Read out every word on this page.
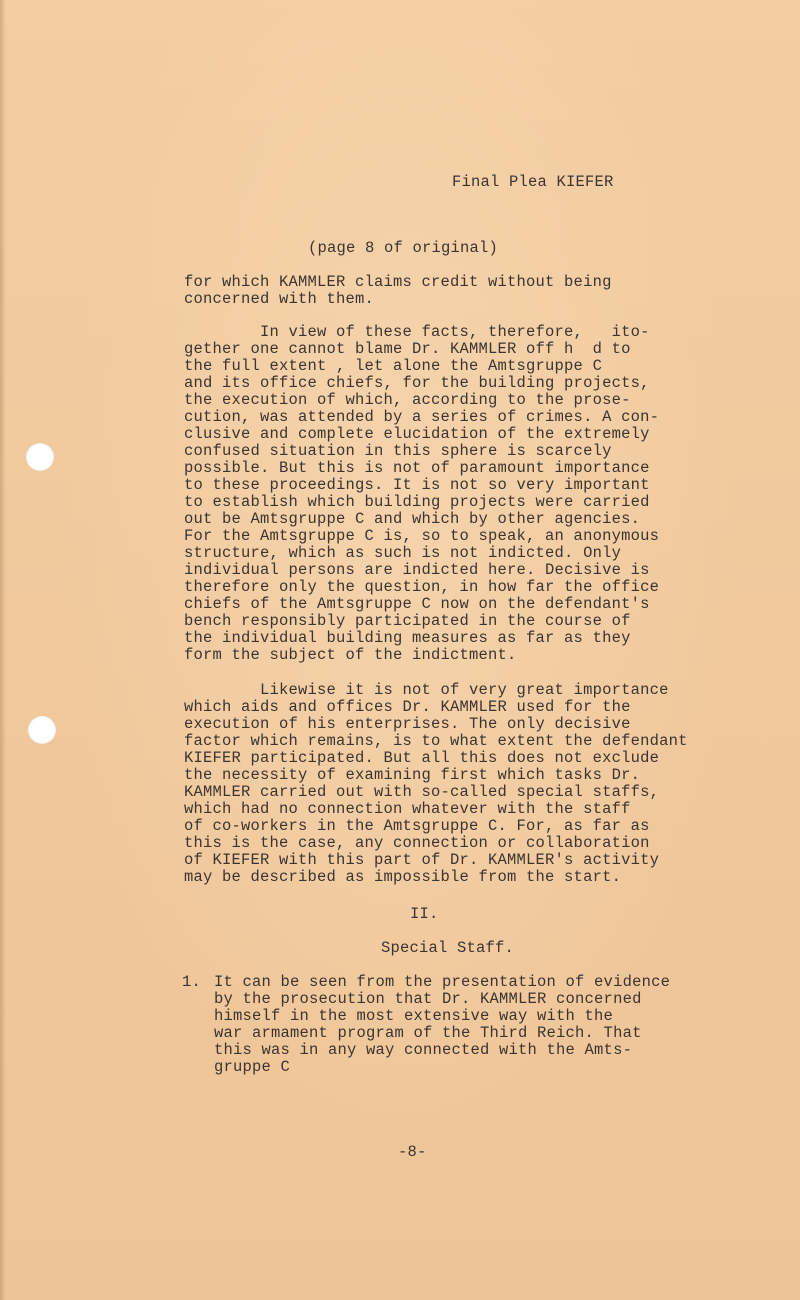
Final Plea KIEFER
(page 8 of original)
for which KAMMLER claims credit without being
concerned with them.
In view of these facts, therefore,   ito-
gether one cannot blame Dr. KAMMLER off h  d to
the full extent , let alone the Amtsgruppe C
and its office chiefs, for the building projects,
the execution of which, according to the prose-
cution, was attended by a series of crimes. A con-
clusive and complete elucidation of the extremely
confused situation in this sphere is scarcely
possible. But this is not of paramount importance
to these proceedings. It is not so very important
to establish which building projects were carried
out be Amtsgruppe C and which by other agencies.
For the Amtsgruppe C is, so to speak, an anonymous
structure, which as such is not indicted. Only
individual persons are indicted here. Decisive is
therefore only the question, in how far the office
chiefs of the Amtsgruppe C now on the defendant's
bench responsibly participated in the course of
the individual building measures as far as they
form the subject of the indictment.
Likewise it is not of very great importance
which aids and offices Dr. KAMMLER used for the
execution of his enterprises. The only decisive
factor which remains, is to what extent the defendant
KIEFER participated. But all this does not exclude
the necessity of examining first which tasks Dr.
KAMMLER carried out with so-called special staffs,
which had no connection whatever with the staff
of co-workers in the Amtsgruppe C. For, as far as
this is the case, any connection or collaboration
of KIEFER with this part of Dr. KAMMLER's activity
may be described as impossible from the start.
II.
Special Staff.
1. It can be seen from the presentation of evidence
by the prosecution that Dr. KAMMLER concerned
himself in the most extensive way with the
war armament program of the Third Reich. That
this was in any way connected with the Amts-
gruppe C
-8-
